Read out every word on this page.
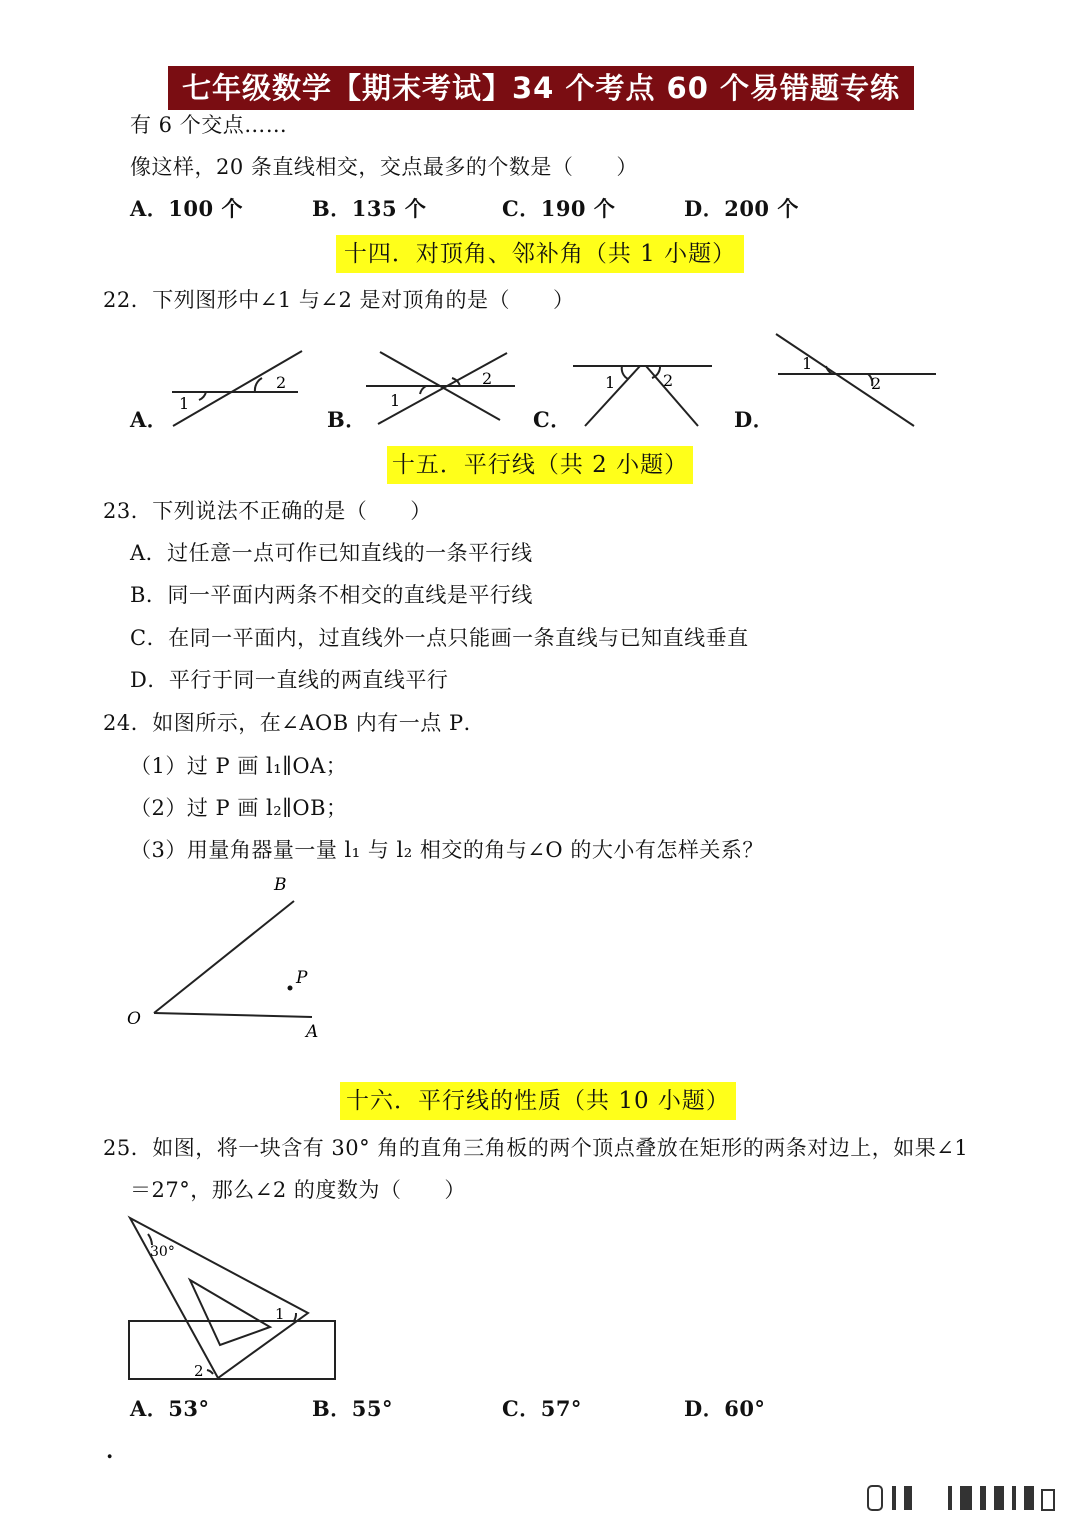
七年级数学【期末考试】34 个考点 60 个易错题专练
有 6 个交点……
像这样，20 条直线相交，交点最多的个数是（　　）
A．100 个	B．135 个	C．190 个	D．200 个
十四．对顶角、邻补角（共 1 小题）
22．下列图形中∠1 与∠2 是对顶角的是（　　）
1
2
1
2	1	2
1
2
A．	B．	C．	D．
十五．平行线（共 2 小题）
23．下列说法不正确的是（　　）
A．过任意一点可作已知直线的一条平行线
B．同一平面内两条不相交的直线是平行线
C．在同一平面内，过直线外一点只能画一条直线与已知直线垂直
D．平行于同一直线的两直线平行
24．如图所示，在∠AOB 内有一点 P．
（1）过 P 画 l₁∥OA；
（2）过 P 画 l₂∥OB；
（3）用量角器量一量 l₁ 与 l₂ 相交的角与∠O 的大小有怎样关系？
B
P
O
A
十六．平行线的性质（共 10 小题）
25．如图，将一块含有 30° 角的直角三角板的两个顶点叠放在矩形的两条对边上，如果∠1
＝27°，那么∠2 的度数为（　　）
30°
1
2
A．53°	B．55°	C．57°	D．60°
.
